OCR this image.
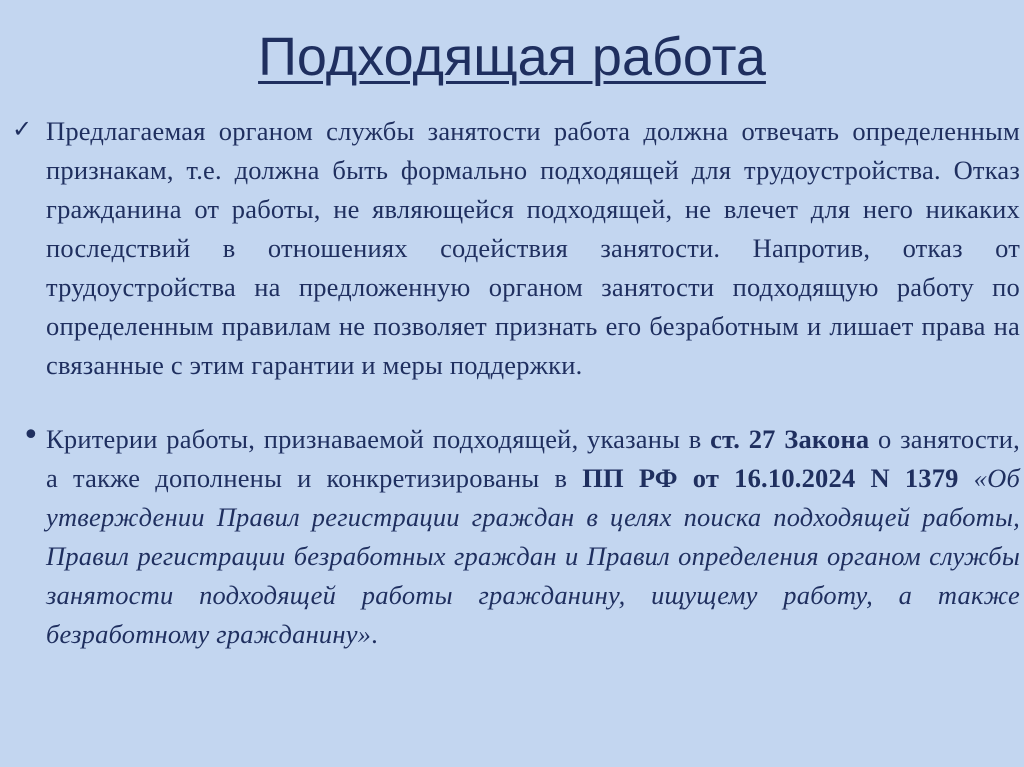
Подходящая работа
✓ Предлагаемая органом службы занятости работа должна отвечать определенным признакам, т.е. должна быть формально подходящей для трудоустройства. Отказ гражданина от работы, не являющейся подходящей, не влечет для него никаких последствий в отношениях содействия занятости. Напротив, отказ от трудоустройства на предложенную органом занятости подходящую работу по определенным правилам не позволяет признать его безработным и лишает права на связанные с этим гарантии и меры поддержки.

• Критерии работы, признаваемой подходящей, указаны в ст. 27 Закона о занятости, а также дополнены и конкретизированы в ПП РФ от 16.10.2024 N 1379 «Об утверждении Правил регистрации граждан в целях поиска подходящей работы, Правил регистрации безработных граждан и Правил определения органом службы занятости подходящей работы гражданину, ищущему работу, а также безработному гражданину».
